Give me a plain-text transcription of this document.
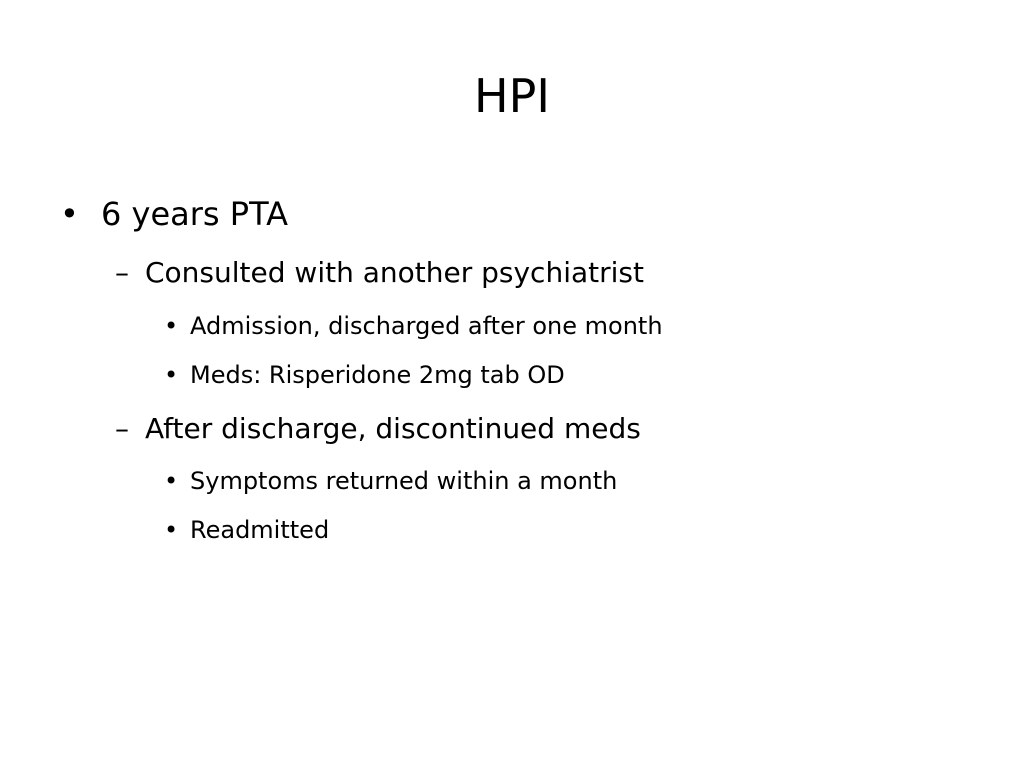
HPI
• 6 years PTA
– Consulted with another psychiatrist
• Admission, discharged after one month
• Meds: Risperidone 2mg tab OD
– After discharge, discontinued meds
• Symptoms returned within a month
• Readmitted
